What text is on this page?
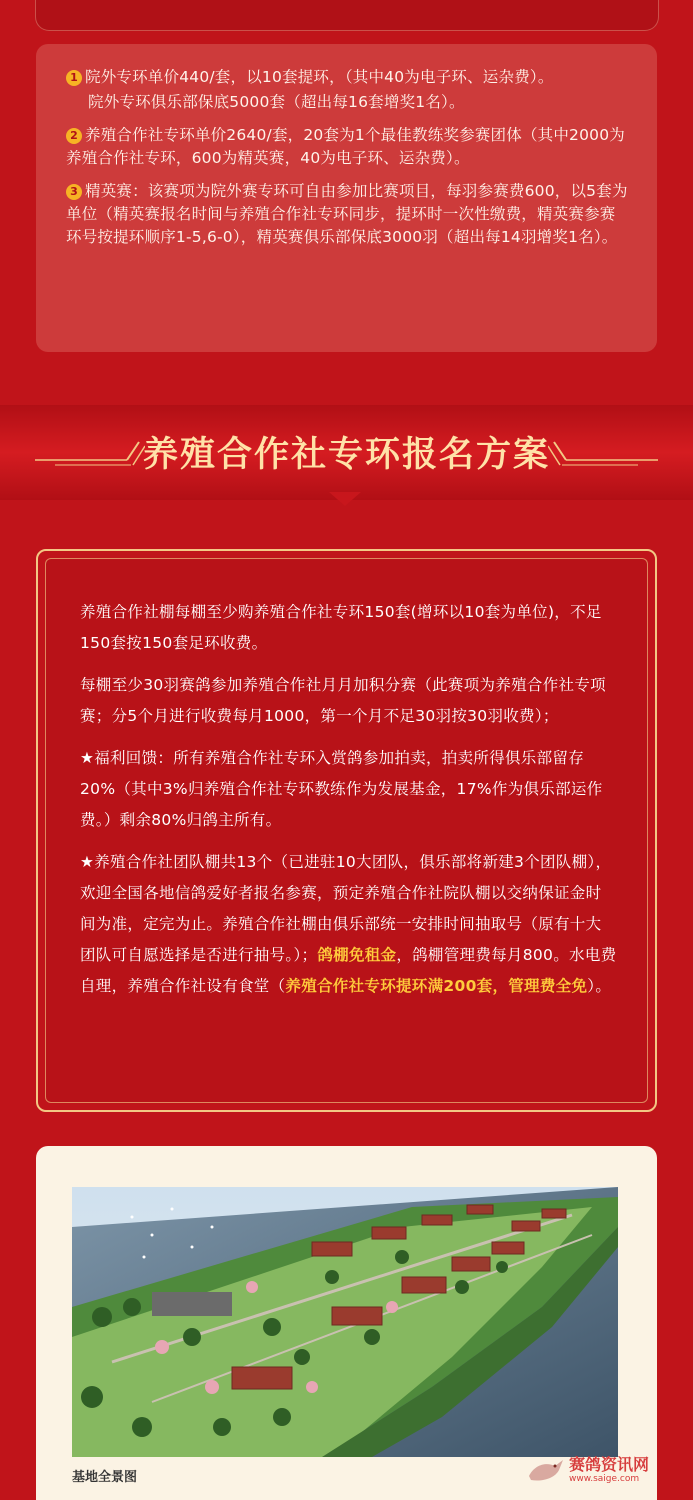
1 院外专环单价440/套，以10套提环，（其中40为电子环、运杂费）。

院外专环俱乐部保底5000套（超出每16套增奖1名）。

2 养殖合作社专环单价2640/套，20套为1个最佳教练奖参赛团体（其中2000为养殖合作社专环，600为精英赛，40为电子环、运杂费）。

3 精英赛：该赛项为院外赛专环可自由参加比赛项目，每羽参赛费600，以5套为单位（精英赛报名时间与养殖合作社专环同步，提环时一次性缴费，精英赛参赛环号按提环顺序1-5,6-0），精英赛俱乐部保底3000羽（超出每14羽增奖1名）。

养殖合作社专环报名方案

养殖合作社棚每棚至少购养殖合作社专环150套(增环以10套为单位)，不足150套按150套足环收费。

每棚至少30羽赛鸽参加养殖合作社月月加积分赛（此赛项为养殖合作社专项赛；分5个月进行收费每月1000，第一个月不足30羽按30羽收费）；

★福利回馈：所有养殖合作社专环入赏鸽参加拍卖，拍卖所得俱乐部留存20%（其中3%归养殖合作社专环教练作为发展基金，17%作为俱乐部运作费。）剩余80%归鸽主所有。

★养殖合作社团队棚共13个（已进驻10大团队，俱乐部将新建3个团队棚），欢迎全国各地信鸽爱好者报名参赛，预定养殖合作社院队棚以交纳保证金时间为准，定完为止。养殖合作社棚由俱乐部统一安排时间抽取号（原有十大团队可自愿选择是否进行抽号。）；鸽棚免租金，鸽棚管理费每月800。水电费自理，养殖合作社设有食堂（养殖合作社专环提环满200套，管理费全免）。

基地全景图
赛鸽资讯网
www.saige.com
